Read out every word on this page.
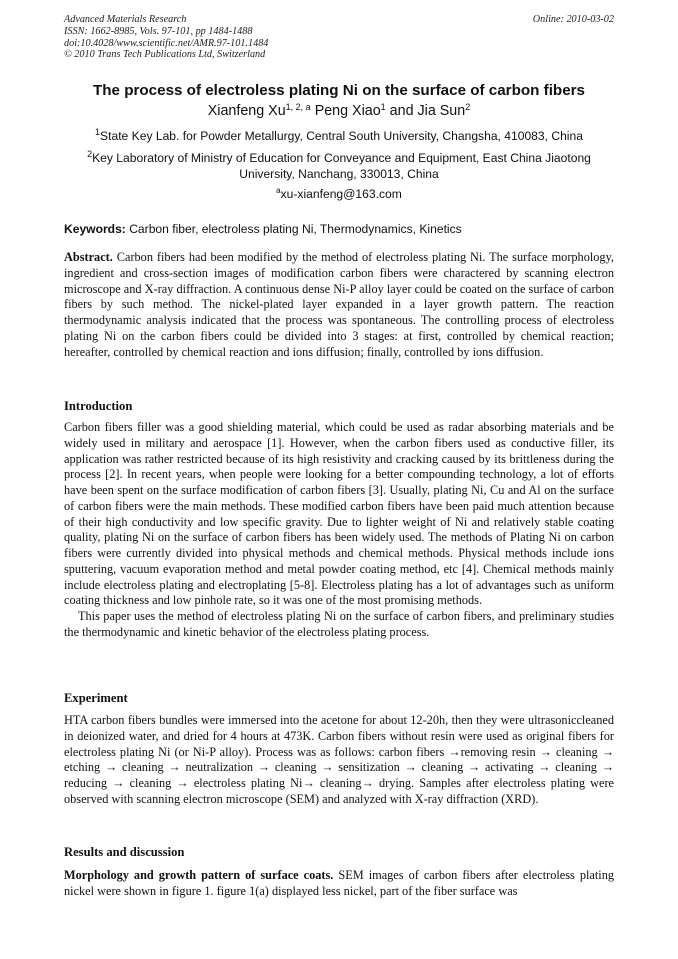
Advanced Materials Research
ISSN: 1662-8985, Vols. 97-101, pp 1484-1488
doi:10.4028/www.scientific.net/AMR.97-101.1484
© 2010 Trans Tech Publications Ltd, Switzerland
Online: 2010-03-02
The process of electroless plating Ni on the surface of carbon fibers
Xianfeng Xu$^{1, 2, a}$ Peng Xiao$^1$ and Jia Sun$^2$
$^1$State Key Lab. for Powder Metallurgy, Central South University, Changsha, 410083, China
$^2$Key Laboratory of Ministry of Education for Conveyance and Equipment, East China Jiaotong University, Nanchang, 330013, China
$^a$xu-xianfeng@163.com
Keywords: Carbon fiber, electroless plating Ni, Thermodynamics, Kinetics
Abstract. Carbon fibers had been modified by the method of electroless plating Ni. The surface morphology, ingredient and cross-section images of modification carbon fibers were charactered by scanning electron microscope and X-ray diffraction. A continuous dense Ni-P alloy layer could be coated on the surface of carbon fibers by such method. The nickel-plated layer expanded in a layer growth pattern. The reaction thermodynamic analysis indicated that the process was spontaneous. The controlling process of electroless plating Ni on the carbon fibers could be divided into 3 stages: at first, controlled by chemical reaction; hereafter, controlled by chemical reaction and ions diffusion; finally, controlled by ions diffusion.
Introduction
Carbon fibers filler was a good shielding material, which could be used as radar absorbing materials and be widely used in military and aerospace [1]. However, when the carbon fibers used as conductive filler, its application was rather restricted because of its high resistivity and cracking caused by its brittleness during the process [2]. In recent years, when people were looking for a better compounding technology, a lot of efforts have been spent on the surface modification of carbon fibers [3]. Usually, plating Ni, Cu and Al on the surface of carbon fibers were the main methods. These modified carbon fibers have been paid much attention because of their high conductivity and low specific gravity. Due to lighter weight of Ni and relatively stable coating quality, plating Ni on the surface of carbon fibers has been widely used. The methods of Plating Ni on carbon fibers were currently divided into physical methods and chemical methods. Physical methods include ions sputtering, vacuum evaporation method and metal powder coating method, etc [4]. Chemical methods mainly include electroless plating and electroplating [5-8]. Electroless plating has a lot of advantages such as uniform coating thickness and low pinhole rate, so it was one of the most promising methods.
This paper uses the method of electroless plating Ni on the surface of carbon fibers, and preliminary studies the thermodynamic and kinetic behavior of the electroless plating process.
Experiment
HTA carbon fibers bundles were immersed into the acetone for about 12-20h, then they were ultrasoniccleaned in deionized water, and dried for 4 hours at 473K. Carbon fibers without resin were used as original fibers for electroless plating Ni (or Ni-P alloy). Process was as follows: carbon fibers →removing resin → cleaning → etching → cleaning → neutralization → cleaning → sensitization → cleaning → activating → cleaning → reducing → cleaning → electroless plating Ni→ cleaning→ drying. Samples after electroless plating were observed with scanning electron microscope (SEM) and analyzed with X-ray diffraction (XRD).
Results and discussion
Morphology and growth pattern of surface coats. SEM images of carbon fibers after electroless plating nickel were shown in figure 1. figure 1(a) displayed less nickel, part of the fiber surface was
